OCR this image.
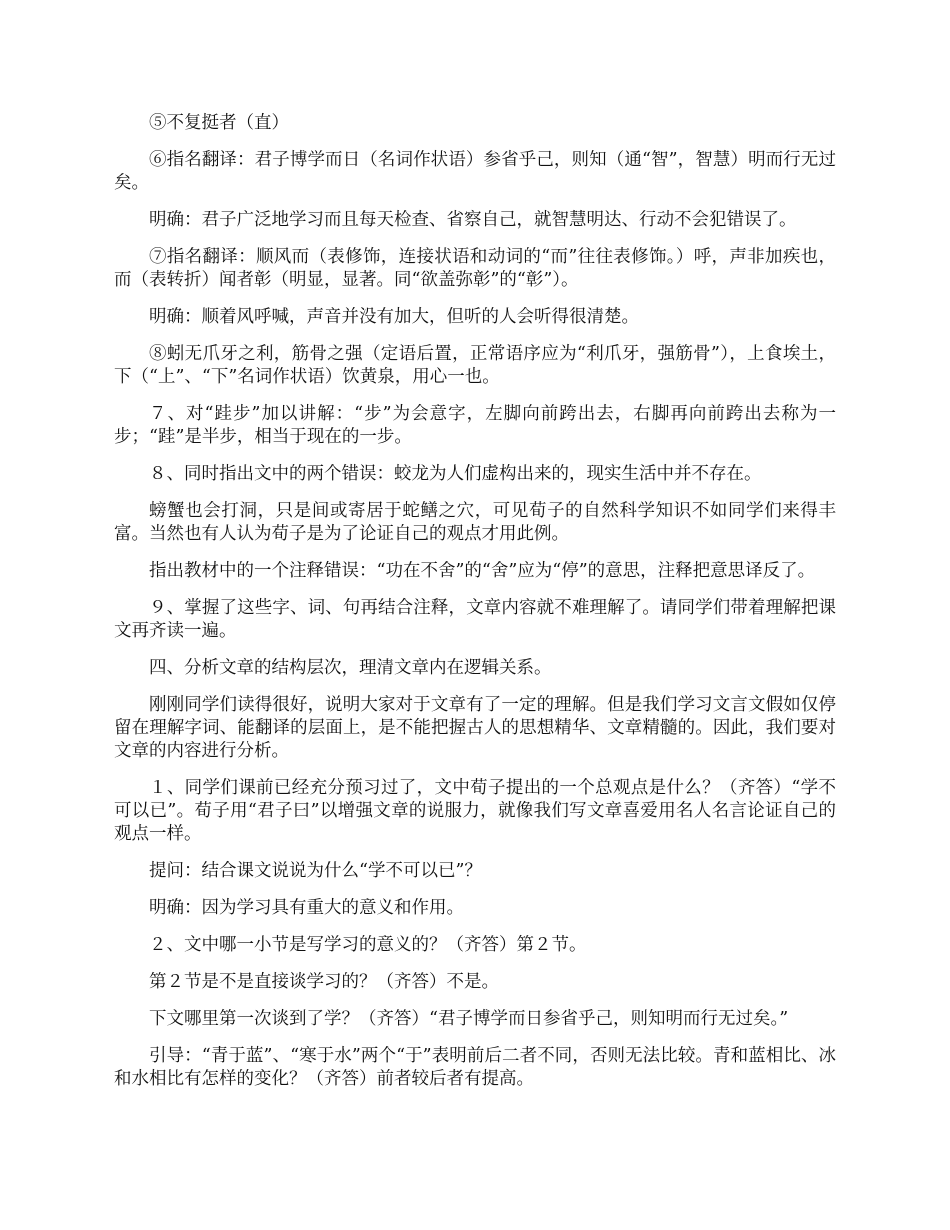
⑤不复挺者（直）

⑥指名翻译：君子博学而日（名词作状语）参省乎己，则知（通“智”，智慧）明而行无过矣。

明确：君子广泛地学习而且每天检查、省察自己，就智慧明达、行动不会犯错误了。

⑦指名翻译：顺风而（表修饰，连接状语和动词的“而”往往表修饰。）呼，声非加疾也，而（表转折）闻者彰（明显，显著。同“欲盖弥彰”的“彰”）。

明确：顺着风呼喊，声音并没有加大，但听的人会听得很清楚。

⑧蚓无爪牙之利，筋骨之强（定语后置，正常语序应为“利爪牙，强筋骨”），上食埃土，下（“上”、“下”名词作状语）饮黄泉，用心一也。

７、对“跬步”加以讲解：“步”为会意字，左脚向前跨出去，右脚再向前跨出去称为一步；“跬”是半步，相当于现在的一步。

８、同时指出文中的两个错误：蛟龙为人们虚构出来的，现实生活中并不存在。

螃蟹也会打洞，只是间或寄居于蛇鳝之穴，可见荀子的自然科学知识不如同学们来得丰富。当然也有人认为荀子是为了论证自己的观点才用此例。

指出教材中的一个注释错误：“功在不舍”的“舍”应为“停”的意思，注释把意思译反了。

９、掌握了这些字、词、句再结合注释，文章内容就不难理解了。请同学们带着理解把课文再齐读一遍。

四、分析文章的结构层次，理清文章内在逻辑关系。

刚刚同学们读得很好，说明大家对于文章有了一定的理解。但是我们学习文言文假如仅停留在理解字词、能翻译的层面上，是不能把握古人的思想精华、文章精髓的。因此，我们要对文章的内容进行分析。

１、同学们课前已经充分预习过了，文中荀子提出的一个总观点是什么？（齐答）“学不可以已”。荀子用“君子曰”以增强文章的说服力，就像我们写文章喜爱用名人名言论证自己的观点一样。

提问：结合课文说说为什么“学不可以已”？

明确：因为学习具有重大的意义和作用。

２、文中哪一小节是写学习的意义的？（齐答）第２节。

第２节是不是直接谈学习的？（齐答）不是。

下文哪里第一次谈到了学？（齐答）“君子博学而日参省乎己，则知明而行无过矣。”

引导：“青于蓝”、“寒于水”两个“于”表明前后二者不同，否则无法比较。青和蓝相比、冰和水相比有怎样的变化？（齐答）前者较后者有提高。
